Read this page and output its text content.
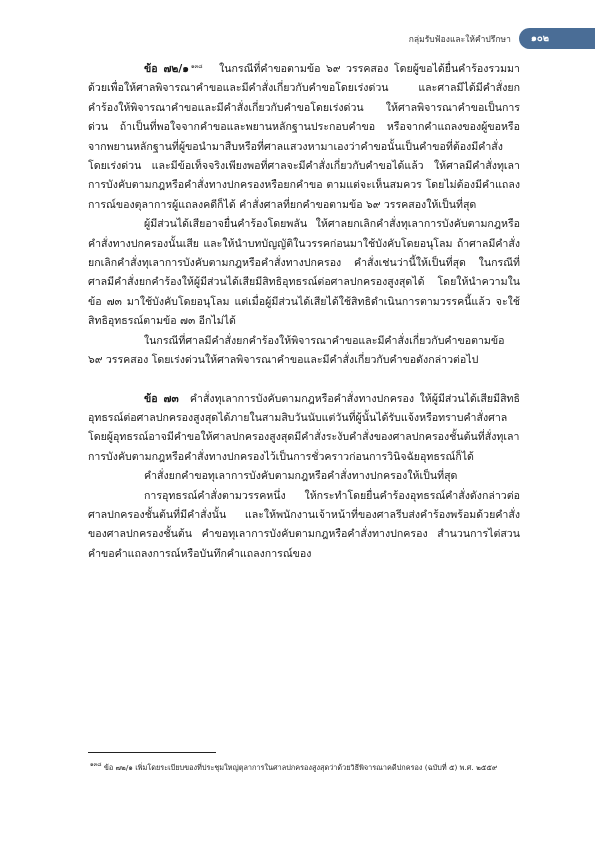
กลุ่มรับฟ้องและให้คำปรึกษา	๑๐๒

ข้อ ๗๒/๑ $^{๑๓๘}$ ในกรณีที่คำขอตามข้อ ๖๙ วรรคสอง โดยผู้ขอได้ยื่นคำร้องรวมมาด้วยเพื่อให้ศาลพิจารณาคำขอและมีคำสั่งเกี่ยวกับคำขอโดยเร่งด่วน และศาลมีได้มีคำสั่งยกคำร้องให้พิจารณาคำขอและมีคำสั่งเกี่ยวกับคำขอโดยเร่งด่วน ให้ศาลพิจารณาคำขอเป็นการด่วน ถ้าเป็นที่พอใจจากคำขอและพยานหลักฐานประกอบคำขอ หรือจากคำแถลงของผู้ขอหรือจากพยานหลักฐานที่ผู้ขอนำมาสืบหรือที่ศาลแสวงหามาเองว่าคำขอนั้นเป็นคำขอที่ต้องมีคำสั่งโดยเร่งด่วน และมีข้อเท็จจริงเพียงพอที่ศาลจะมีคำสั่งเกี่ยวกับคำขอได้แล้ว ให้ศาลมีคำสั่งทุเลาการบังคับตามกฎหรือคำสั่งทางปกครองหรือยกคำขอ ตามแต่จะเห็นสมควร โดยไม่ต้องมีคำแถลงการณ์ของตุลาการผู้แถลงคดีก็ได้ คำสั่งศาลที่ยกคำขอตามข้อ ๖๙ วรรคสองให้เป็นที่สุด

ผู้มีส่วนได้เสียอาจยื่นคำร้องโดยพลัน ให้ศาลยกเลิกคำสั่งทุเลาการบังคับตามกฎหรือคำสั่งทางปกครองนั้นเสีย และให้นำบทบัญญัติในวรรคก่อนมาใช้บังคับโดยอนุโลม ถ้าศาลมีคำสั่งยกเลิกคำสั่งทุเลาการบังคับตามกฎหรือคำสั่งทางปกครอง คำสั่งเช่นว่านี้ให้เป็นที่สุด ในกรณีที่ศาลมีคำสั่งยกคำร้องให้ผู้มีส่วนได้เสียมีสิทธิอุทธรณ์ต่อศาลปกครองสูงสุดได้ โดยให้นำความในข้อ ๗๓ มาใช้บังคับโดยอนุโลม แต่เมื่อผู้มีส่วนได้เสียได้ใช้สิทธิดำเนินการตามวรรคนี้แล้ว จะใช้สิทธิอุทธรณ์ตามข้อ ๗๓ อีกไม่ได้

ในกรณีที่ศาลมีคำสั่งยกคำร้องให้พิจารณาคำขอและมีคำสั่งเกี่ยวกับคำขอตามข้อ ๖๙ วรรคสอง โดยเร่งด่วนให้ศาลพิจารณาคำขอและมีคำสั่งเกี่ยวกับคำขอดังกล่าวต่อไป

ข้อ ๗๓ คำสั่งทุเลาการบังคับตามกฎหรือคำสั่งทางปกครอง ให้ผู้มีส่วนได้เสียมีสิทธิอุทธรณ์ต่อศาลปกครองสูงสุดได้ภายในสามสิบวันนับแต่วันที่ผู้นั้นได้รับแจ้งหรือทราบคำสั่งศาล โดยผู้อุทธรณ์อาจมีคำขอให้ศาลปกครองสูงสุดมีคำสั่งระงับคำสั่งของศาลปกครองชั้นต้นที่สั่งทุเลาการบังคับตามกฎหรือคำสั่งทางปกครองไว้เป็นการชั่วคราวก่อนการวินิจฉัยอุทธรณ์ก็ได้

คำสั่งยกคำขอทุเลาการบังคับตามกฎหรือคำสั่งทางปกครองให้เป็นที่สุด

การอุทธรณ์คำสั่งตามวรรคหนึ่ง ให้กระทำโดยยื่นคำร้องอุทธรณ์คำสั่งดังกล่าวต่อศาลปกครองชั้นต้นที่มีคำสั่งนั้น และให้พนักงานเจ้าหน้าที่ของศาลรีบส่งคำร้องพร้อมด้วยคำสั่งของศาลปกครองชั้นต้น คำขอทุเลาการบังคับตามกฎหรือคำสั่งทางปกครอง สำนวนการไต่สวนคำขอคำแถลงการณ์หรือบันทึกคำแถลงการณ์ของ

$^{๑๓๘}$ ข้อ ๗๒/๑ เพิ่มโดยระเบียบของที่ประชุมใหญ่ตุลาการในศาลปกครองสูงสุดว่าด้วยวิธีพิจารณาคดีปกครอง (ฉบับที่ ๕) พ.ศ. ๒๕๕๙
